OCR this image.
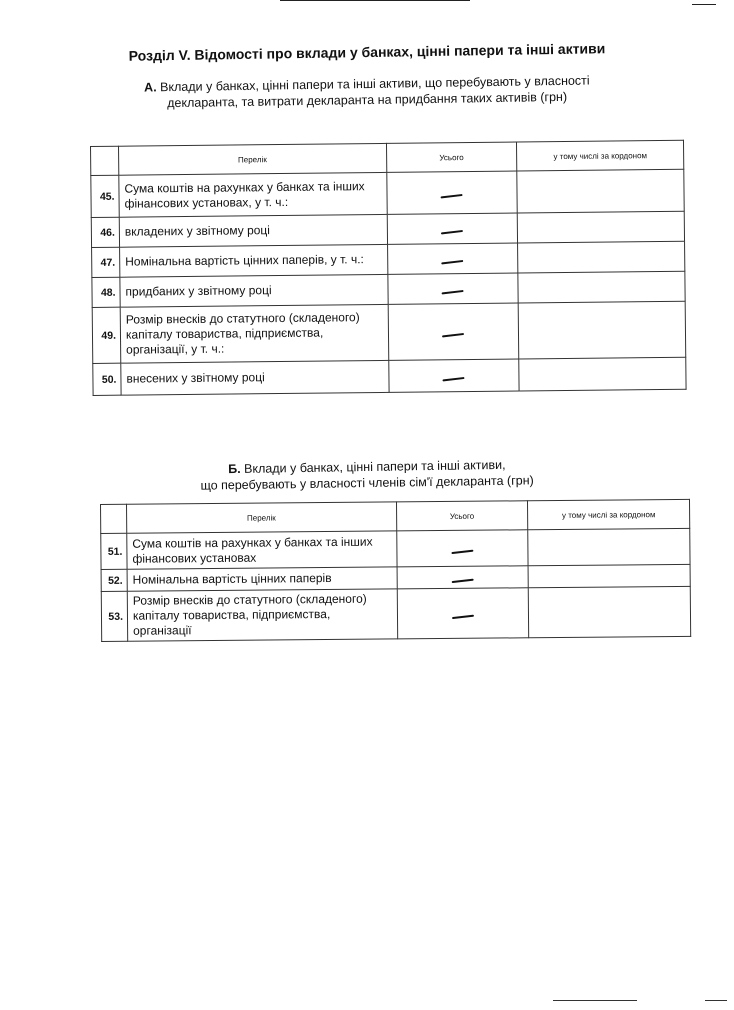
Розділ V. Відомості про вклади у банках, цінні папери та інші активи
А. Вклади у банках, цінні папери та інші активи, що перебувають у власності
декларанта, та витрати декларанта на придбання таких активів (грн)
	Перелік	Усього	у тому числі за кордоном
45.	Сума коштів на рахунках у банках та інших фінансових установах, у т. ч.:		
46.	вкладених у звітному році		
47.	Номінальна вартість цінних паперів, у т. ч.:		
48.	придбаних у звітному році		
49.	Розмір внесків до статутного (складеного) капіталу товариства, підприємства, організації, у т. ч.:		
50.	внесених у звітному році		
Б. Вклади у банках, цінні папери та інші активи,
що перебувають у власності членів сім'ї декларанта (грн)
	Перелік	Усього	у тому числі за кордоном
51.	Сума коштів на рахунках у банках та інших фінансових установах		
52.	Номінальна вартість цінних паперів		
53.	Розмір внесків до статутного (складеного) капіталу товариства, підприємства, організації		
